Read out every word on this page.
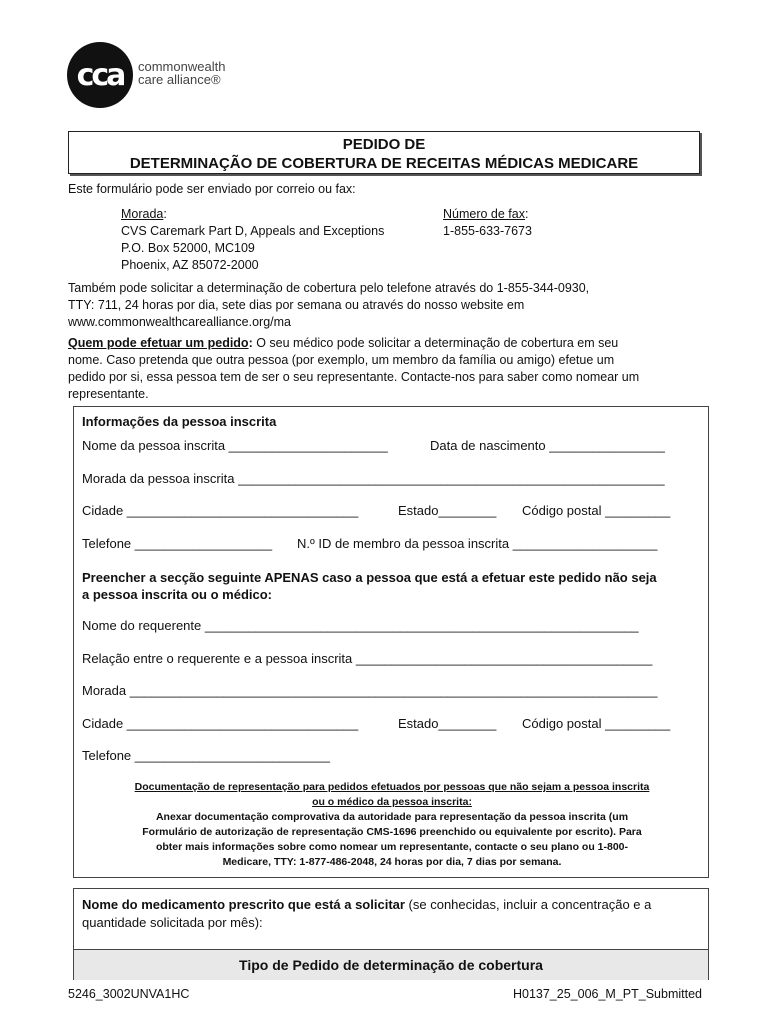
cca commonwealth
care alliance®
PEDIDO DE
DETERMINAÇÃO DE COBERTURA DE RECEITAS MÉDICAS MEDICARE
Este formulário pode ser enviado por correio ou fax:
Morada:
CVS Caremark Part D, Appeals and Exceptions
P.O. Box 52000, MC109
Phoenix, AZ 85072-2000
Número de fax:
1-855-633-7673
Também pode solicitar a determinação de cobertura pelo telefone através do 1-855-344-0930,
TTY: 711, 24 horas por dia, sete dias por semana ou através do nosso website em
www.commonwealthcarealliance.org/ma
Quem pode efetuar um pedido: O seu médico pode solicitar a determinação de cobertura em seu
nome. Caso pretenda que outra pessoa (por exemplo, um membro da família ou amigo) efetue um
pedido por si, essa pessoa tem de ser o seu representante. Contacte-nos para saber como nomear um
representante.
Informações da pessoa inscrita
Nome da pessoa inscrita ______________________	Data de nascimento ________________
Morada da pessoa inscrita ___________________________________________________________
Cidade ________________________________	Estado________ Código postal _________
Telefone ___________________ N.º ID de membro da pessoa inscrita ____________________
Preencher a secção seguinte APENAS caso a pessoa que está a efetuar este pedido não seja
a pessoa inscrita ou o médico:
Nome do requerente ____________________________________________________________
Relação entre o requerente e a pessoa inscrita _________________________________________
Morada _________________________________________________________________________
Cidade ________________________________	Estado________ Código postal _________
Telefone ___________________________
Documentação de representação para pedidos efetuados por pessoas que não sejam a pessoa inscrita
ou o médico da pessoa inscrita:
Anexar documentação comprovativa da autoridade para representação da pessoa inscrita (um
Formulário de autorização de representação CMS-1696 preenchido ou equivalente por escrito). Para
obter mais informações sobre como nomear um representante, contacte o seu plano ou 1-800-
Medicare, TTY: 1-877-486-2048, 24 horas por dia, 7 dias por semana.
Nome do medicamento prescrito que está a solicitar (se conhecidas, incluir a concentração e a
quantidade solicitada por mês):
Tipo de Pedido de determinação de cobertura
5246_3002UNVA1HC	H0137_25_006_M_PT_Submitted
